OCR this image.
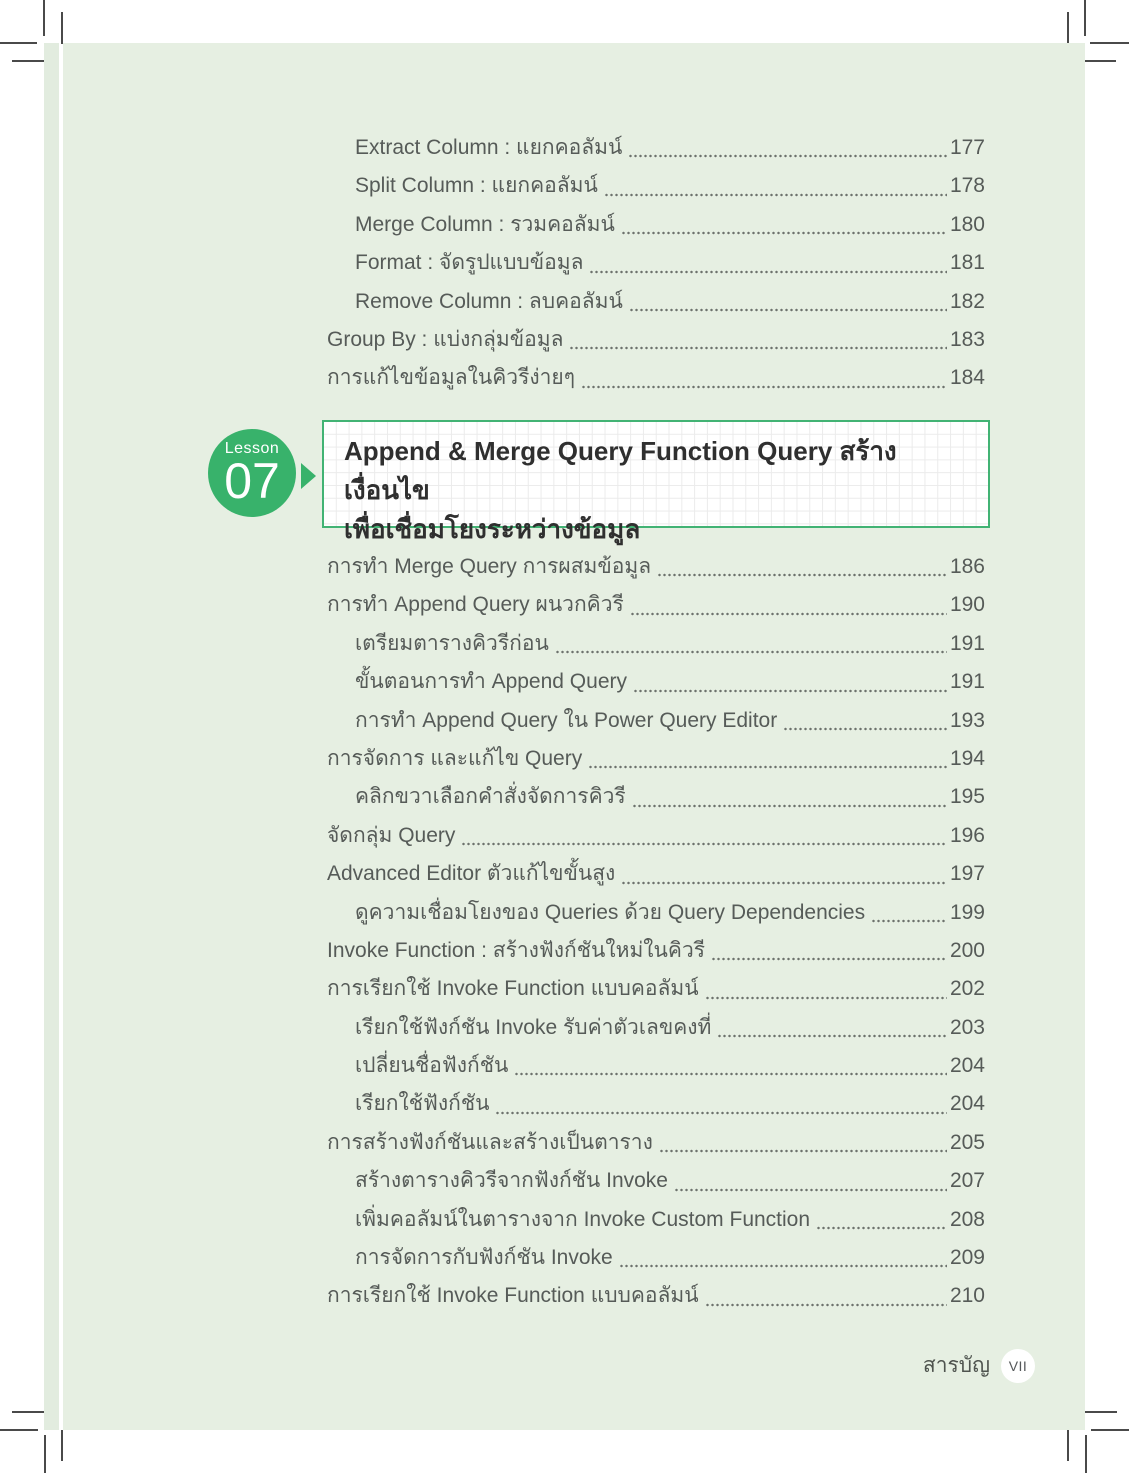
Extract Column : แยกคอลัมน์	177
Split Column : แยกคอลัมน์	178
Merge Column : รวมคอลัมน์	180
Format : จัดรูปแบบข้อมูล	181
Remove Column : ลบคอลัมน์	182
Group By : แบ่งกลุ่มข้อมูล	183
การแก้ไขข้อมูลในคิวรีง่ายๆ	184
Lesson
07
Append & Merge Query Function Query สร้างเงื่อนไข
เพื่อเชื่อมโยงระหว่างข้อมูล
การทำ Merge Query การผสมข้อมูล	186
การทำ Append Query ผนวกคิวรี	190
เตรียมตารางคิวรีก่อน	191
ขั้นตอนการทำ Append Query	191
การทำ Append Query ใน Power Query Editor	193
การจัดการ และแก้ไข Query	194
คลิกขวาเลือกคำสั่งจัดการคิวรี	195
จัดกลุ่ม Query	196
Advanced Editor ตัวแก้ไขขั้นสูง	197
ดูความเชื่อมโยงของ Queries ด้วย Query Dependencies	199
Invoke Function : สร้างฟังก์ชันใหม่ในคิวรี	200
การเรียกใช้ Invoke Function แบบคอลัมน์	202
เรียกใช้ฟังก์ชัน Invoke รับค่าตัวเลขคงที่	203
เปลี่ยนชื่อฟังก์ชัน	204
เรียกใช้ฟังก์ชัน	204
การสร้างฟังก์ชันและสร้างเป็นตาราง	205
สร้างตารางคิวรีจากฟังก์ชัน Invoke	207
เพิ่มคอลัมน์ในตารางจาก Invoke Custom Function	208
การจัดการกับฟังก์ชัน Invoke	209
การเรียกใช้ Invoke Function แบบคอลัมน์	210
สารบัญ	VII
